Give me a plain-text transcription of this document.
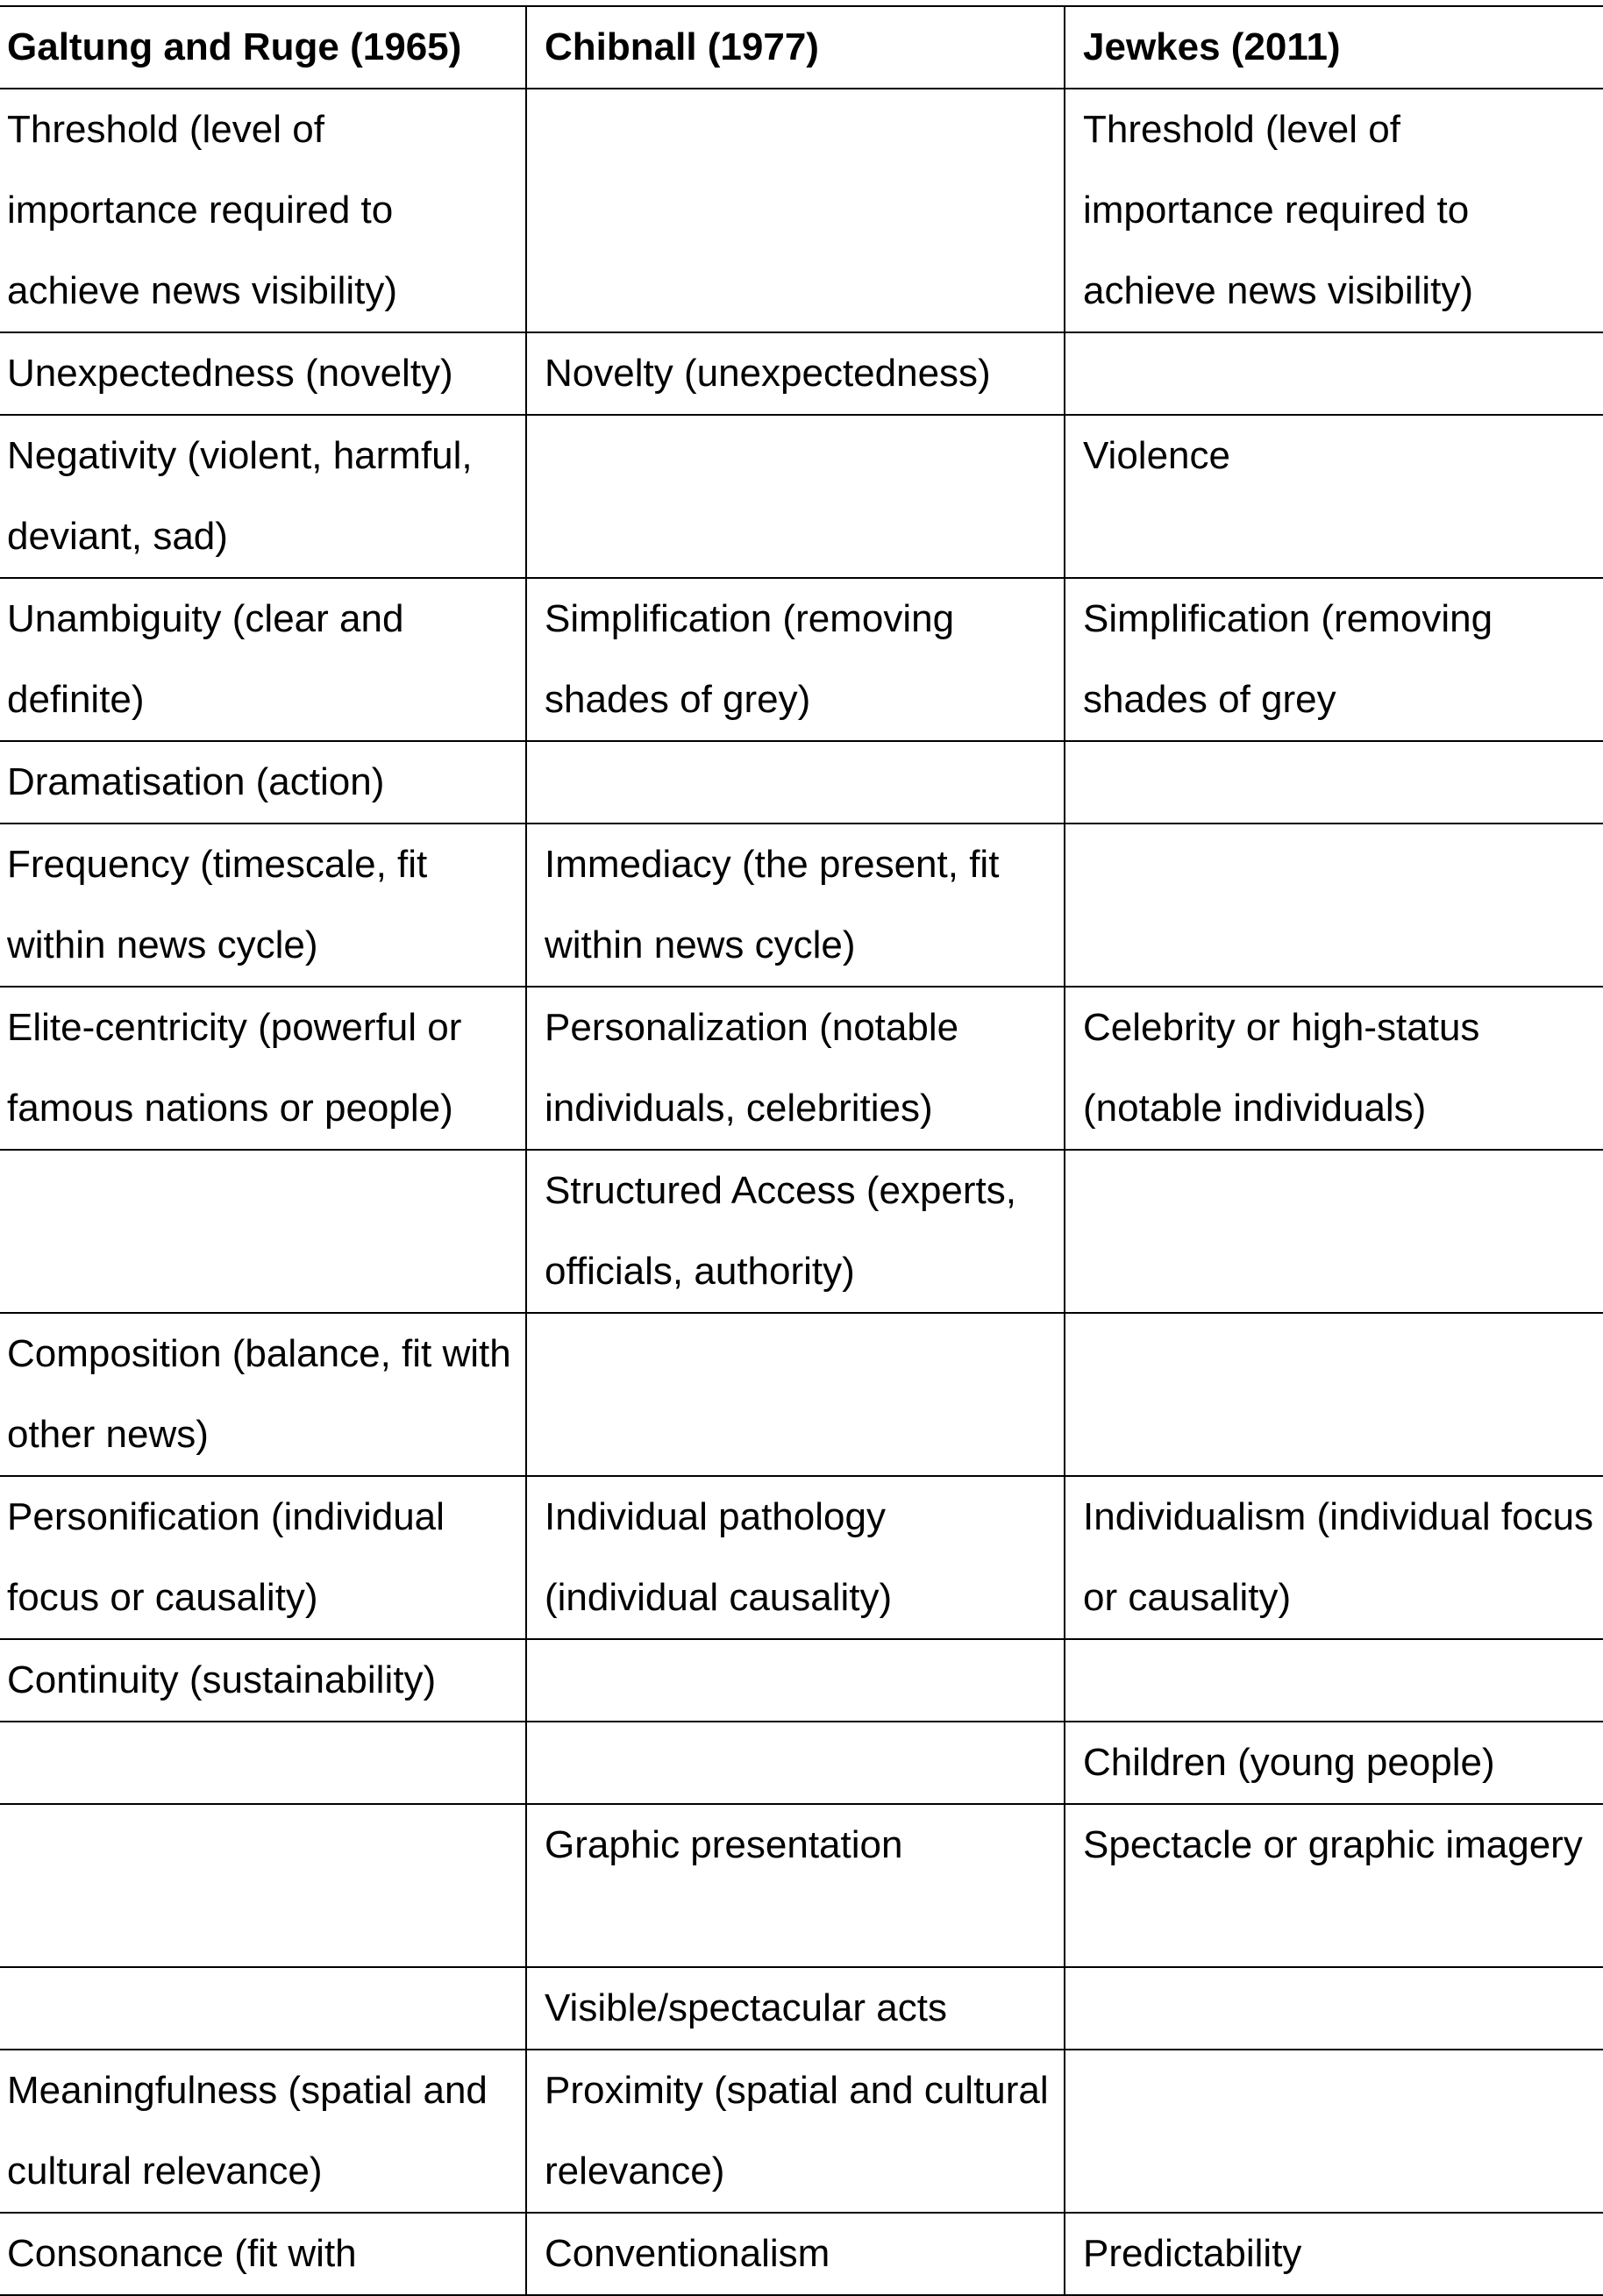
Galtung and Ruge (1965)	Chibnall (1977)	Jewkes (2011)
Threshold (level of importance required to achieve news visibility)		Threshold (level of importance required to achieve news visibility)
Unexpectedness (novelty)	Novelty (unexpectedness)	
Negativity (violent, harmful, deviant, sad)		Violence
Unambiguity (clear and definite)	Simplification (removing shades of grey)	Simplification (removing shades of grey
Dramatisation (action)		
Frequency (timescale, fit within news cycle)	Immediacy (the present, fit within news cycle)	
Elite-centricity (powerful or famous nations or people)	Personalization (notable individuals, celebrities)	Celebrity or high-status (notable individuals)
	Structured Access (experts, officials, authority)	
Composition (balance, fit with other news)		
Personification (individual focus or causality)	Individual pathology (individual causality)	Individualism (individual focus or causality)
Continuity (sustainability)		
		Children (young people)
	Graphic presentation	Spectacle or graphic imagery
	Visible/spectacular acts	
Meaningfulness (spatial and cultural relevance)	Proximity (spatial and cultural relevance)	
Consonance (fit with	Conventionalism	Predictability
